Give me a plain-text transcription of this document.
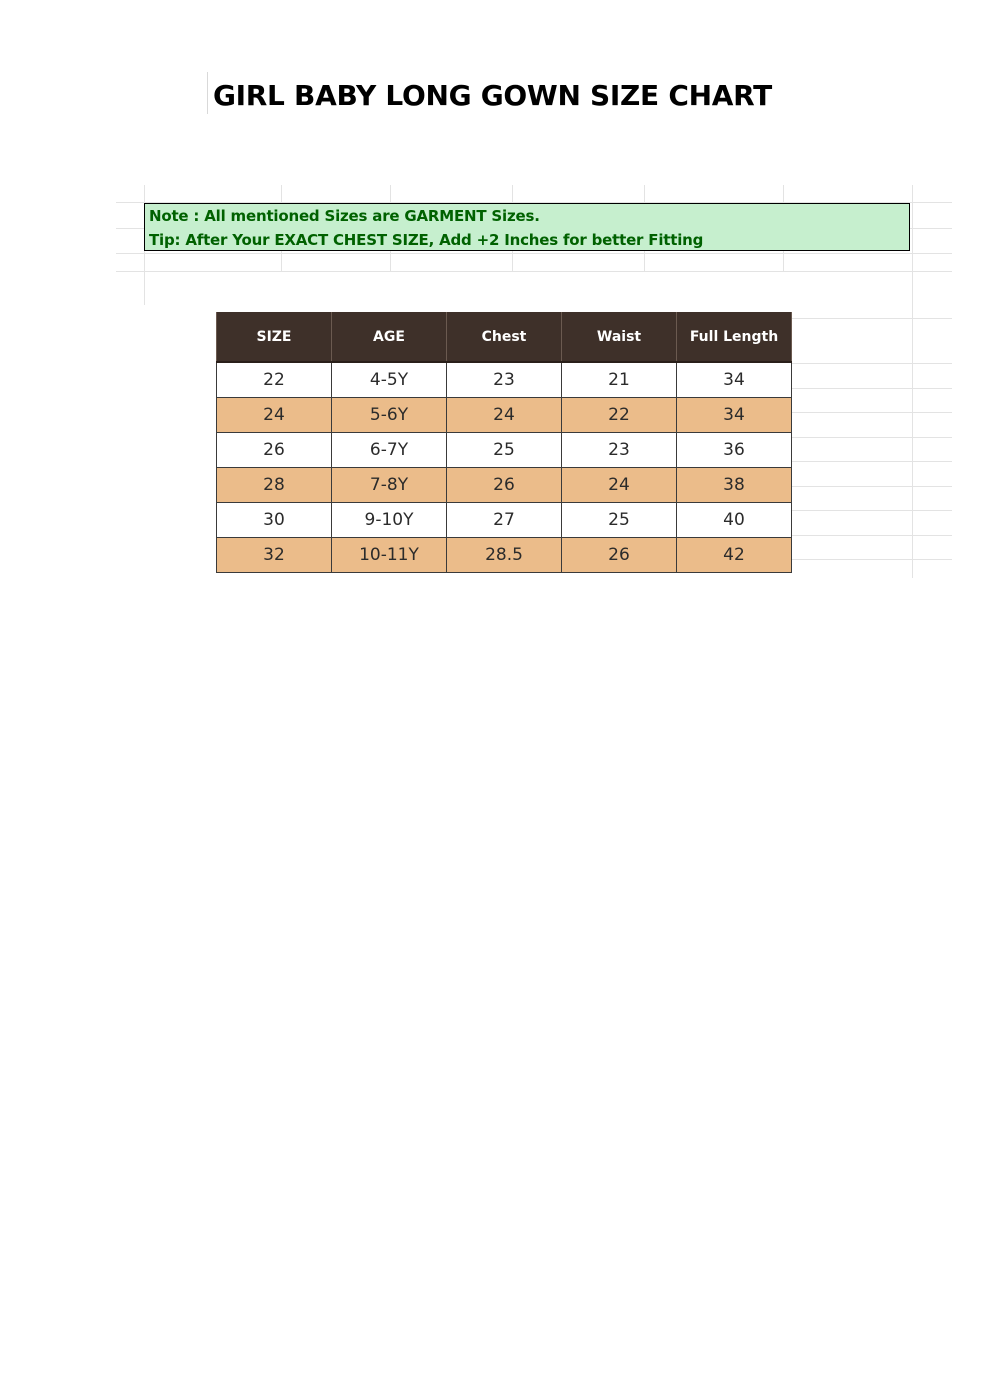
GIRL BABY LONG GOWN SIZE CHART
Note : All mentioned Sizes are GARMENT Sizes.
Tip: After Your EXACT CHEST SIZE, Add +2 Inches for better Fitting
SIZE	AGE	Chest	Waist	Full Length
22	4-5Y	23	21	34
24	5-6Y	24	22	34
26	6-7Y	25	23	36
28	7-8Y	26	24	38
30	9-10Y	27	25	40
32	10-11Y	28.5	26	42
